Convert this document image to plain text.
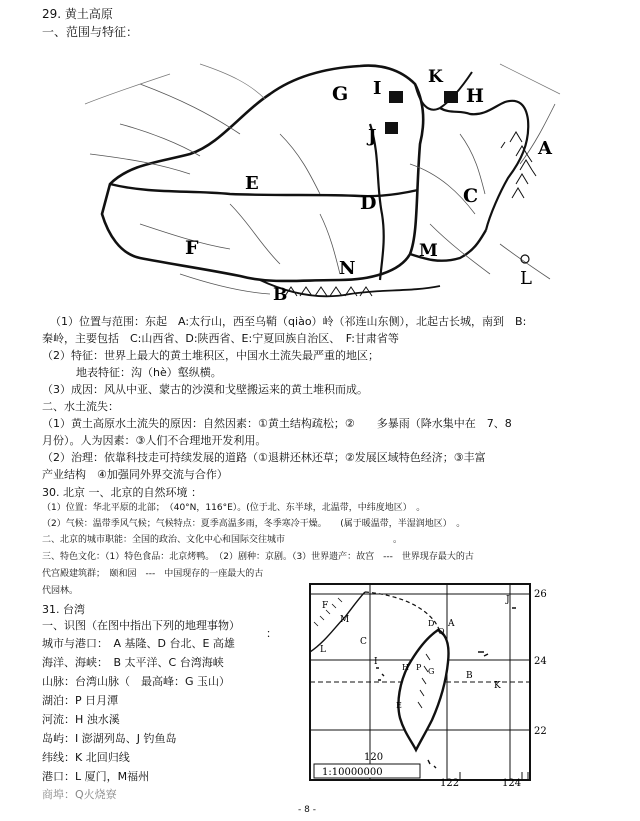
29. 黄土高原
一、范围与特征：
G I
K
H
J
A
E
C
D
F	M
N	L
B
（1）位置与范围：东起　A:太行山，西至乌鞘（qiào）岭（祁连山东侧），北起古长城，南到　B:
秦岭，主要包括　C:山西省、D:陕西省、E:宁夏回族自治区、　F:甘肃省等
（2）特征：世界上最大的黄土堆积区，中国水土流失最严重的地区；
地表特征：沟（hè）壑纵横。
（3）成因：风从中亚、蒙古的沙漠和戈壁搬运来的黄土堆积而成。
二、水土流失：
（1）黄土高原水土流失的原因：自然因素：①黄土结构疏松；②　　多暴雨（降水集中在　7、8
月份）。人为因素：③人们不合理地开发利用。
（2）治理：依靠科技走可持续发展的道路（①退耕还林还草；②发展区域特色经济；③丰富
产业结构　④加强同外界交流与合作）
30. 北京 一、北京的自然环境 ：
（1）位置：华北平原的北部；　（40°N，116°E）。(位于北、东半球，北温带，中纬度地区）　。
（2）气候：温带季风气候；气候特点：夏季高温多雨，冬季寒冷干燥。　　(属于暖温带，半湿润地区）　。
二、北京的城市职能：全国的政治、文化中心和国际交往城市　　　　　　　　　　　　。
三、特色文化：（1）特色食品：北京烤鸭。　（2）剧种：京剧。（3）世界遗产：故宫　---　世界现存最大的古
代宫殿建筑群；　颐和园　---　中国现存的一座最大的古
代园林。
31. 台湾
一、识图（在图中指出下列的地理事物）
：
城市与港口：　A 基隆、D 台北、E 高雄
海洋、海峡：　B 太平洋、C 台湾海峡
山脉：台湾山脉（　最高峰：G 玉山）
湖泊：P 日月潭
河流：H 浊水溪
岛屿：I 澎湖列岛、J 钓鱼岛
纬线：K 北回归线
港口：L 厦门，M福州
商埠：Q火烧寮
1:10000000
26
24
22
120
122	124
F
M
L
C
J
A
D
Q
I
H P G	B
K
E
- 8 -
